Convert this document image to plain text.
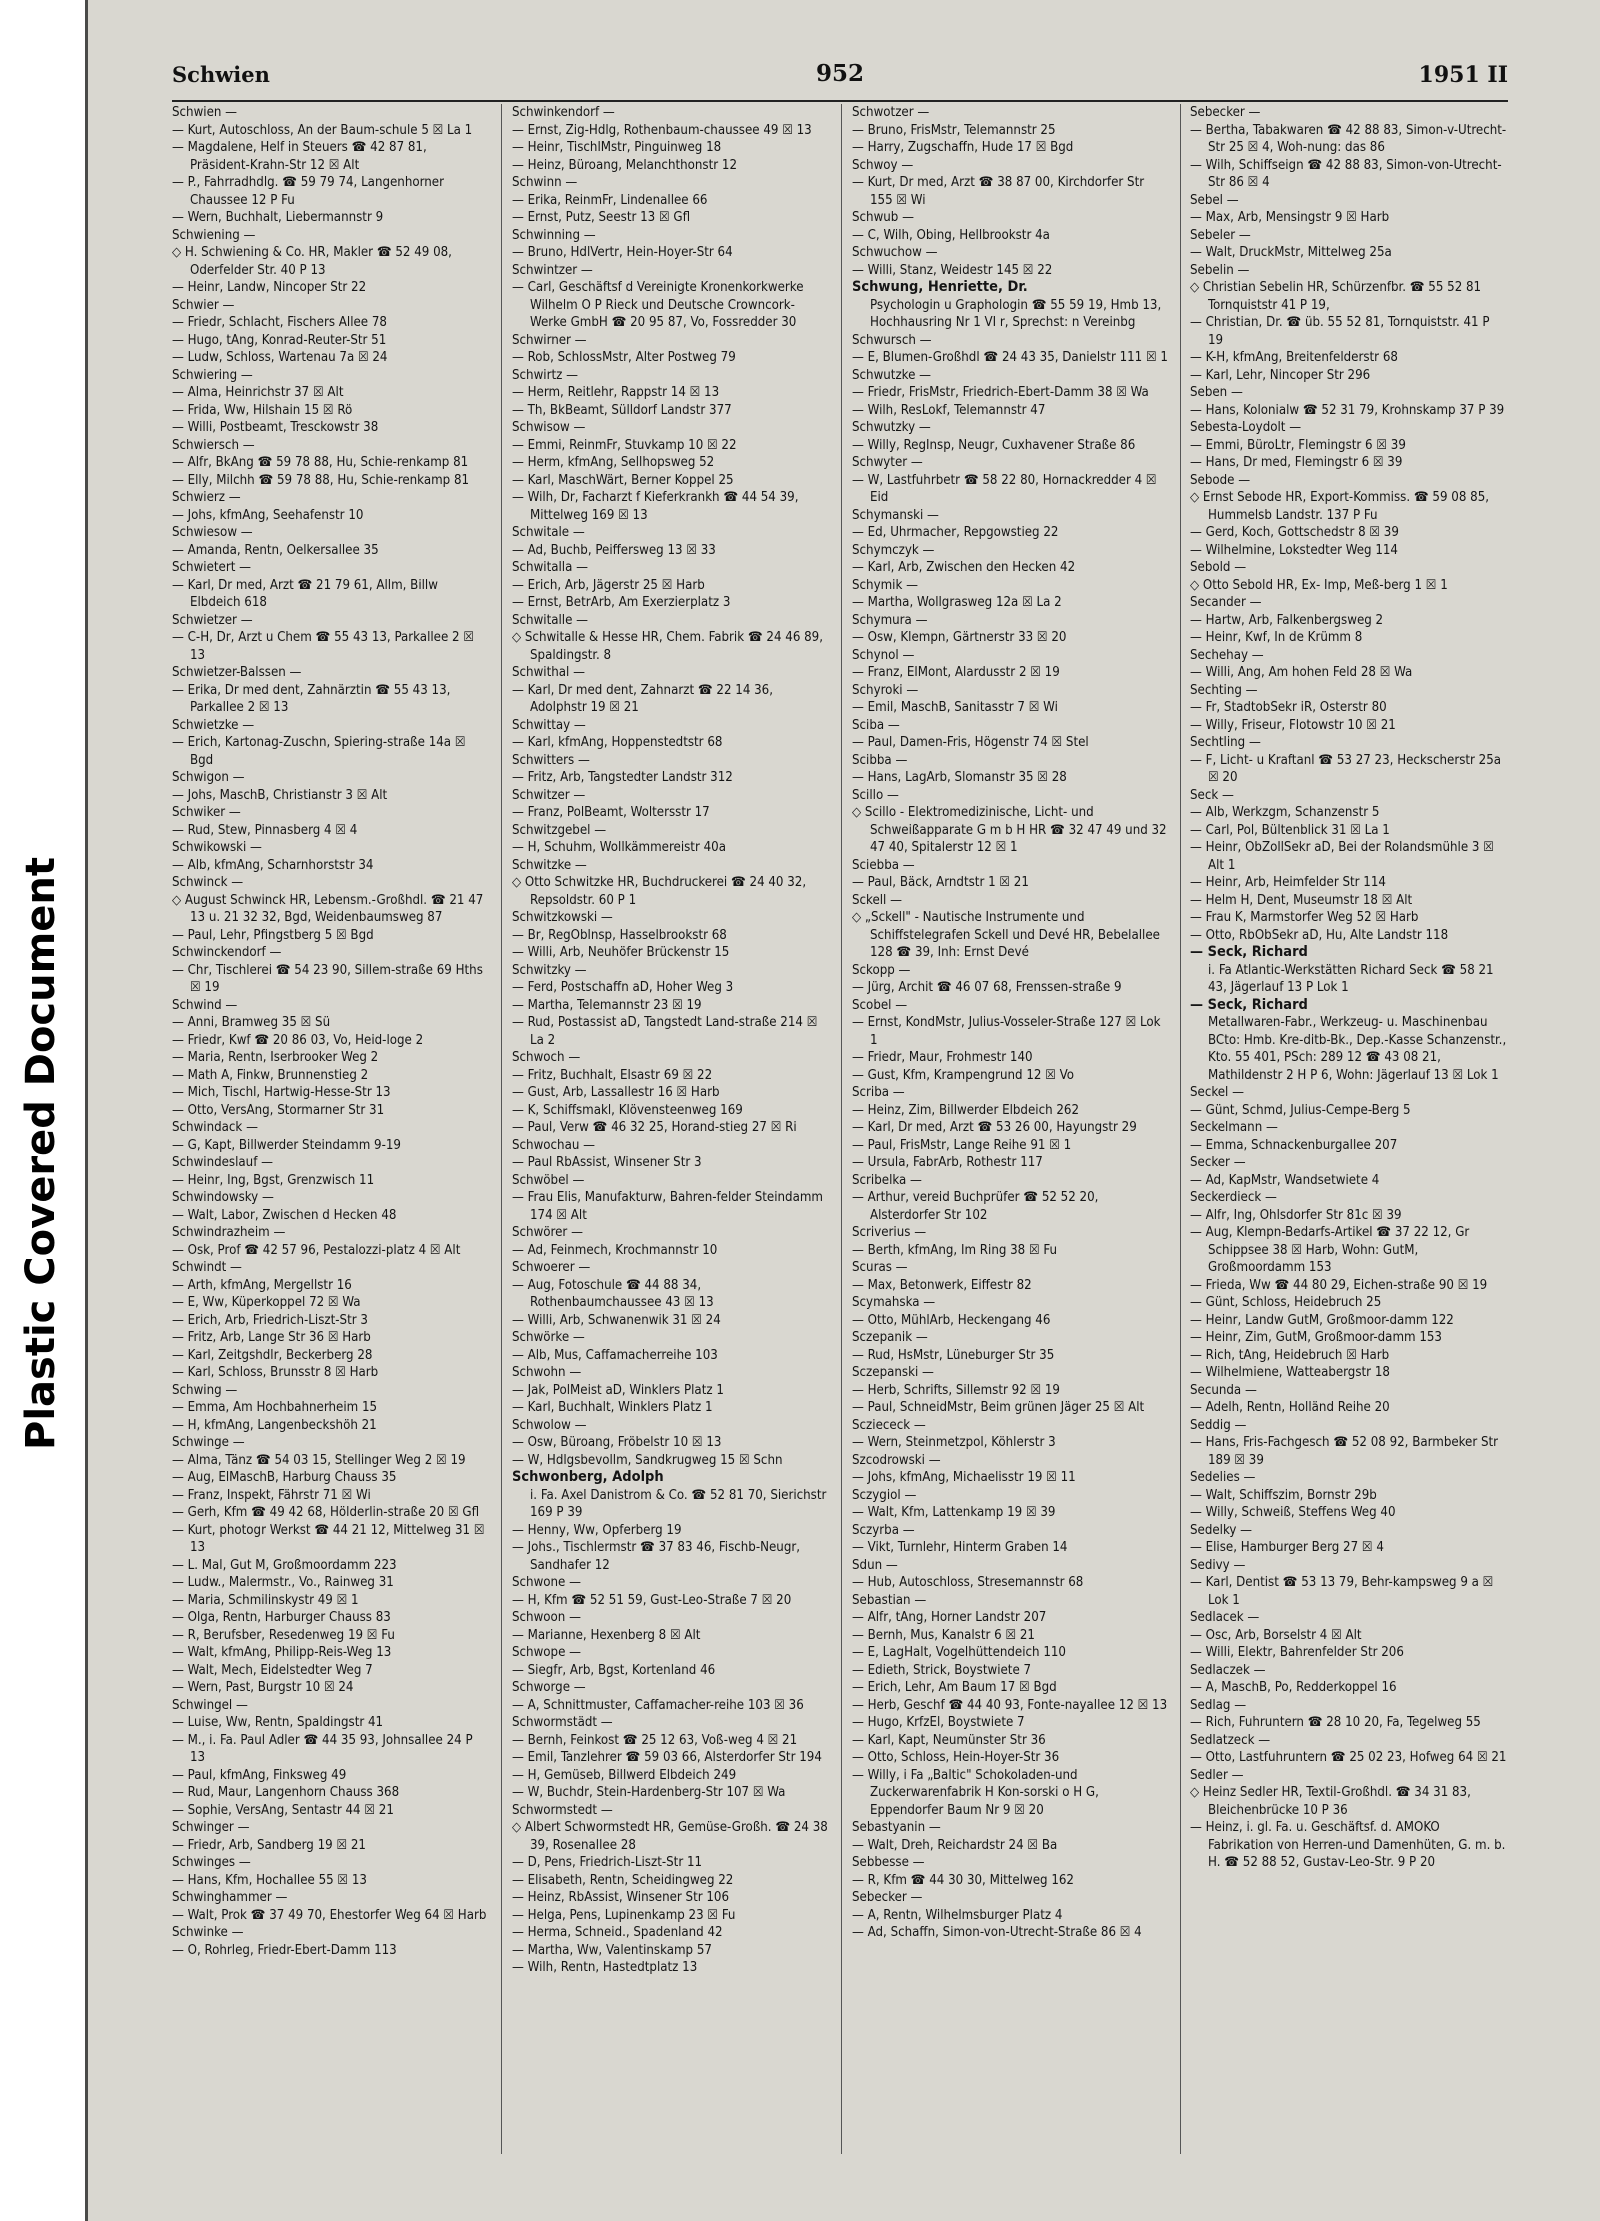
Plastic Covered Document
952
Schwien	1951 II

Schwien —

— Kurt, Autoschloss, An der Baum-schule 5 ☒ La 1

— Magdalene, Helf in Steuers ☎ 42 87 81, Präsident-Krahn-Str 12 ☒ Alt

— P., Fahrradhdlg. ☎ 59 79 74, Langenhorner Chaussee 12 P Fu

— Wern, Buchhalt, Liebermannstr 9

Schwiening —

◇ H. Schwiening & Co. HR, Makler ☎ 52 49 08, Oderfelder Str. 40 P 13

— Heinr, Landw, Nincoper Str 22

Schwier —

— Friedr, Schlacht, Fischers Allee 78

— Hugo, tAng, Konrad-Reuter-Str 51

— Ludw, Schloss, Wartenau 7a ☒ 24

Schwiering —

— Alma, Heinrichstr 37 ☒ Alt

— Frida, Ww, Hilshain 15 ☒ Rö

— Willi, Postbeamt, Tresckowstr 38

Schwiersch —

— Alfr, BkAng ☎ 59 78 88, Hu, Schie-renkamp 81

— Elly, Milchh ☎ 59 78 88, Hu, Schie-renkamp 81

Schwierz —

— Johs, kfmAng, Seehafenstr 10

Schwiesow —

— Amanda, Rentn, Oelkersallee 35

Schwietert —

— Karl, Dr med, Arzt ☎ 21 79 61, Allm, Billw Elbdeich 618

Schwietzer —

— C-H, Dr, Arzt u Chem ☎ 55 43 13, Parkallee 2 ☒ 13

Schwietzer-Balssen —

— Erika, Dr med dent, Zahnärztin ☎ 55 43 13, Parkallee 2 ☒ 13

Schwietzke —

— Erich, Kartonag-Zuschn, Spiering-straße 14a ☒ Bgd

Schwigon —

— Johs, MaschB, Christianstr 3 ☒ Alt

Schwiker —

— Rud, Stew, Pinnasberg 4 ☒ 4

Schwikowski —

— Alb, kfmAng, Scharnhorststr 34

Schwinck —

◇ August Schwinck HR, Lebensm.-Großhdl. ☎ 21 47 13 u. 21 32 32, Bgd, Weidenbaumsweg 87

— Paul, Lehr, Pfingstberg 5 ☒ Bgd

Schwinckendorf —

— Chr, Tischlerei ☎ 54 23 90, Sillem-straße 69 Hths ☒ 19

Schwind —

— Anni, Bramweg 35 ☒ Sü

— Friedr, Kwf ☎ 20 86 03, Vo, Heid-loge 2

— Maria, Rentn, Iserbrooker Weg 2

— Math A, Finkw, Brunnenstieg 2

— Mich, Tischl, Hartwig-Hesse-Str 13

— Otto, VersAng, Stormarner Str 31

Schwindack —

— G, Kapt, Billwerder Steindamm 9-19

Schwindeslauf —

— Heinr, Ing, Bgst, Grenzwisch 11

Schwindowsky —

— Walt, Labor, Zwischen d Hecken 48

Schwindrazheim —

— Osk, Prof ☎ 42 57 96, Pestalozzi-platz 4 ☒ Alt

Schwindt —

— Arth, kfmAng, Mergellstr 16

— E, Ww, Küperkoppel 72 ☒ Wa

— Erich, Arb, Friedrich-Liszt-Str 3

— Fritz, Arb, Lange Str 36 ☒ Harb

— Karl, Zeitgshdlr, Beckerberg 28

— Karl, Schloss, Brunsstr 8 ☒ Harb

Schwing —

— Emma, Am Hochbahnerheim 15

— H, kfmAng, Langenbeckshöh 21

Schwinge —

— Alma, Tänz ☎ 54 03 15, Stellinger Weg 2 ☒ 19

— Aug, ElMaschB, Harburg Chauss 35

— Franz, Inspekt, Fährstr 71 ☒ Wi

— Gerh, Kfm ☎ 49 42 68, Hölderlin-straße 20 ☒ Gfl

— Kurt, photogr Werkst ☎ 44 21 12, Mittelweg 31 ☒ 13

— L. Mal, Gut M, Großmoordamm 223

— Ludw., Malermstr., Vo., Rainweg 31

— Maria, Schmilinskystr 49 ☒ 1

— Olga, Rentn, Harburger Chauss 83

— R, Berufsber, Resedenweg 19 ☒ Fu

— Walt, kfmAng, Philipp-Reis-Weg 13

— Walt, Mech, Eidelstedter Weg 7

— Wern, Past, Burgstr 10 ☒ 24

Schwingel —

— Luise, Ww, Rentn, Spaldingstr 41

— M., i. Fa. Paul Adler ☎ 44 35 93, Johnsallee 24 P 13

— Paul, kfmAng, Finksweg 49

— Rud, Maur, Langenhorn Chauss 368

— Sophie, VersAng, Sentastr 44 ☒ 21

Schwinger —

— Friedr, Arb, Sandberg 19 ☒ 21

Schwinges —

— Hans, Kfm, Hochallee 55 ☒ 13

Schwinghammer —

— Walt, Prok ☎ 37 49 70, Ehestorfer Weg 64 ☒ Harb

Schwinke —

— O, Rohrleg, Friedr-Ebert-Damm 113

Schwinkendorf —

— Ernst, Zig-Hdlg, Rothenbaum-chaussee 49 ☒ 13

— Heinr, TischlMstr, Pinguinweg 18

— Heinz, Büroang, Melanchthonstr 12

Schwinn —

— Erika, ReinmFr, Lindenallee 66

— Ernst, Putz, Seestr 13 ☒ Gfl

Schwinning —

— Bruno, HdlVertr, Hein-Hoyer-Str 64

Schwintzer —

— Carl, Geschäftsf d Vereinigte Kronenkorkwerke Wilhelm O P Rieck und Deutsche Crowncork-Werke GmbH ☎ 20 95 87, Vo, Fossredder 30

Schwirner —

— Rob, SchlossMstr, Alter Postweg 79

Schwirtz —

— Herm, Reitlehr, Rappstr 14 ☒ 13

— Th, BkBeamt, Sülldorf Landstr 377

Schwisow —

— Emmi, ReinmFr, Stuvkamp 10 ☒ 22

— Herm, kfmAng, Sellhopsweg 52

— Karl, MaschWärt, Berner Koppel 25

— Wilh, Dr, Facharzt f Kieferkrankh ☎ 44 54 39, Mittelweg 169 ☒ 13

Schwitale —

— Ad, Buchb, Peiffersweg 13 ☒ 33

Schwitalla —

— Erich, Arb, Jägerstr 25 ☒ Harb

— Ernst, BetrArb, Am Exerzierplatz 3

Schwitalle —

◇ Schwitalle & Hesse HR, Chem. Fabrik ☎ 24 46 89, Spaldingstr. 8

Schwithal —

— Karl, Dr med dent, Zahnarzt ☎ 22 14 36, Adolphstr 19 ☒ 21

Schwittay —

— Karl, kfmAng, Hoppenstedtstr 68

Schwitters —

— Fritz, Arb, Tangstedter Landstr 312

Schwitzer —

— Franz, PolBeamt, Woltersstr 17

Schwitzgebel —

— H, Schuhm, Wollkämmereistr 40a

Schwitzke —

◇ Otto Schwitzke HR, Buchdruckerei ☎ 24 40 32, Repsoldstr. 60 P 1

Schwitzkowski —

— Br, RegOblnsp, Hasselbrookstr 68

— Willi, Arb, Neuhöfer Brückenstr 15

Schwitzky —

— Ferd, Postschaffn aD, Hoher Weg 3

— Martha, Telemannstr 23 ☒ 19

— Rud, Postassist aD, Tangstedt Land-straße 214 ☒ La 2

Schwoch —

— Fritz, Buchhalt, Elsastr 69 ☒ 22

— Gust, Arb, Lassallestr 16 ☒ Harb

— K, Schiffsmakl, Klövensteenweg 169

— Paul, Verw ☎ 46 32 25, Horand-stieg 27 ☒ Ri

Schwochau —

— Paul RbAssist, Winsener Str 3

Schwöbel —

— Frau Elis, Manufakturw, Bahren-felder Steindamm 174 ☒ Alt

Schwörer —

— Ad, Feinmech, Krochmannstr 10

Schwoerer —

— Aug, Fotoschule ☎ 44 88 34, Rothenbaumchaussee 43 ☒ 13

— Willi, Arb, Schwanenwik 31 ☒ 24

Schwörke —

— Alb, Mus, Caffamacherreihe 103

Schwohn —

— Jak, PolMeist aD, Winklers Platz 1

— Karl, Buchhalt, Winklers Platz 1

Schwolow —

— Osw, Büroang, Fröbelstr 10 ☒ 13

— W, Hdlgsbevollm, Sandkrugweg 15 ☒ Schn

Schwonberg, Adolph

i. Fa. Axel Danistrom & Co. ☎ 52 81 70, Sierichstr 169 P 39

— Henny, Ww, Opferberg 19

— Johs., Tischlermstr ☎ 37 83 46, Fischb-Neugr, Sandhafer 12

Schwone —

— H, Kfm ☎ 52 51 59, Gust-Leo-Straße 7 ☒ 20

Schwoon —

— Marianne, Hexenberg 8 ☒ Alt

Schwope —

— Siegfr, Arb, Bgst, Kortenland 46

Schworge —

— A, Schnittmuster, Caffamacher-reihe 103 ☒ 36

Schwormstädt —

— Bernh, Feinkost ☎ 25 12 63, Voß-weg 4 ☒ 21

— Emil, Tanzlehrer ☎ 59 03 66, Alsterdorfer Str 194

— H, Gemüseb, Billwerd Elbdeich 249

— W, Buchdr, Stein-Hardenberg-Str 107 ☒ Wa

Schwormstedt —

◇ Albert Schwormstedt HR, Gemüse-Großh. ☎ 24 38 39, Rosenallee 28

— D, Pens, Friedrich-Liszt-Str 11

— Elisabeth, Rentn, Scheidingweg 22

— Heinz, RbAssist, Winsener Str 106

— Helga, Pens, Lupinenkamp 23 ☒ Fu

— Herma, Schneid., Spadenland 42

— Martha, Ww, Valentinskamp 57

— Wilh, Rentn, Hastedtplatz 13

Schwotzer —

— Bruno, FrisMstr, Telemannstr 25

— Harry, Zugschaffn, Hude 17 ☒ Bgd

Schwoy —

— Kurt, Dr med, Arzt ☎ 38 87 00, Kirchdorfer Str 155 ☒ Wi

Schwub —

— C, Wilh, Obing, Hellbrookstr 4a

Schwuchow —

— Willi, Stanz, Weidestr 145 ☒ 22

Schwung, Henriette, Dr.

Psychologin u Graphologin ☎ 55 59 19, Hmb 13, Hochhausring Nr 1 VI r, Sprechst: n Vereinbg

Schwursch —

— E, Blumen-Großhdl ☎ 24 43 35, Danielstr 111 ☒ 1

Schwutzke —

— Friedr, FrisMstr, Friedrich-Ebert-Damm 38 ☒ Wa

— Wilh, ResLokf, Telemannstr 47

Schwutzky —

— Willy, RegInsp, Neugr, Cuxhavener Straße 86

Schwyter —

— W, Lastfuhrbetr ☎ 58 22 80, Hornackredder 4 ☒ Eid

Schymanski —

— Ed, Uhrmacher, Repgowstieg 22

Schymczyk —

— Karl, Arb, Zwischen den Hecken 42

Schymik —

— Martha, Wollgrasweg 12a ☒ La 2

Schymura —

— Osw, Klempn, Gärtnerstr 33 ☒ 20

Schynol —

— Franz, ElMont, Alardusstr 2 ☒ 19

Schyroki —

— Emil, MaschB, Sanitasstr 7 ☒ Wi

Sciba —

— Paul, Damen-Fris, Högenstr 74 ☒ Stel

Scibba —

— Hans, LagArb, Slomanstr 35 ☒ 28

Scillo —

◇ Scillo - Elektromedizinische, Licht- und Schweißapparate G m b H HR ☎ 32 47 49 und 32 47 40, Spitalerstr 12 ☒ 1

Sciebba —

— Paul, Bäck, Arndtstr 1 ☒ 21

Sckell —

◇ „Sckell" - Nautische Instrumente und Schiffstelegrafen Sckell und Devé HR, Bebelallee 128 ☎ 39, Inh: Ernst Devé

Sckopp —

— Jürg, Archit ☎ 46 07 68, Frenssen-straße 9

Scobel —

— Ernst, KondMstr, Julius-Vosseler-Straße 127 ☒ Lok 1

— Friedr, Maur, Frohmestr 140

— Gust, Kfm, Krampengrund 12 ☒ Vo

Scriba —

— Heinz, Zim, Billwerder Elbdeich 262

— Karl, Dr med, Arzt ☎ 53 26 00, Hayungstr 29

— Paul, FrisMstr, Lange Reihe 91 ☒ 1

— Ursula, FabrArb, Rothestr 117

Scribelka —

— Arthur, vereid Buchprüfer ☎ 52 52 20, Alsterdorfer Str 102

Scriverius —

— Berth, kfmAng, Im Ring 38 ☒ Fu

Scuras —

— Max, Betonwerk, Eiffestr 82

Scymahska —

— Otto, MühlArb, Heckengang 46

Sczepanik —

— Rud, HsMstr, Lüneburger Str 35

Sczepanski —

— Herb, Schrifts, Sillemstr 92 ☒ 19

— Paul, SchneidMstr, Beim grünen Jäger 25 ☒ Alt

Scziececk —

— Wern, Steinmetzpol, Köhlerstr 3

Szcodrowski —

— Johs, kfmAng, Michaelisstr 19 ☒ 11

Sczygiol —

— Walt, Kfm, Lattenkamp 19 ☒ 39

Sczyrba —

— Vikt, Turnlehr, Hinterm Graben 14

Sdun —

— Hub, Autoschloss, Stresemannstr 68

Sebastian —

— Alfr, tAng, Horner Landstr 207

— Bernh, Mus, Kanalstr 6 ☒ 21

— E, LagHalt, Vogelhüttendeich 110

— Edieth, Strick, Boystwiete 7

— Erich, Lehr, Am Baum 17 ☒ Bgd

— Herb, Geschf ☎ 44 40 93, Fonte-nayallee 12 ☒ 13

— Hugo, KrfzEl, Boystwiete 7

— Karl, Kapt, Neumünster Str 36

— Otto, Schloss, Hein-Hoyer-Str 36

— Willy, i Fa „Baltic" Schokoladen-und Zuckerwarenfabrik H Kon-sorski o H G, Eppendorfer Baum Nr 9 ☒ 20

Sebastyanin —

— Walt, Dreh, Reichardstr 24 ☒ Ba

Sebbesse —

— R, Kfm ☎ 44 30 30, Mittelweg 162

Sebecker —

— A, Rentn, Wilhelmsburger Platz 4

— Ad, Schaffn, Simon-von-Utrecht-Straße 86 ☒ 4

Sebecker —

— Bertha, Tabakwaren ☎ 42 88 83, Simon-v-Utrecht-Str 25 ☒ 4, Woh-nung: das 86

— Wilh, Schiffseign ☎ 42 88 83, Simon-von-Utrecht-Str 86 ☒ 4

Sebel —

— Max, Arb, Mensingstr 9 ☒ Harb

Sebeler —

— Walt, DruckMstr, Mittelweg 25a

Sebelin —

◇ Christian Sebelin HR, Schürzenfbr. ☎ 55 52 81 Tornquiststr 41 P 19,

— Christian, Dr. ☎ üb. 55 52 81, Tornquiststr. 41 P 19

— K-H, kfmAng, Breitenfelderstr 68

— Karl, Lehr, Nincoper Str 296

Seben —

— Hans, Kolonialw ☎ 52 31 79, Krohnskamp 37 P 39

Sebesta-Loydolt —

— Emmi, BüroLtr, Flemingstr 6 ☒ 39

— Hans, Dr med, Flemingstr 6 ☒ 39

Sebode —

◇ Ernst Sebode HR, Export-Kommiss. ☎ 59 08 85, Hummelsb Landstr. 137 P Fu

— Gerd, Koch, Gottschedstr 8 ☒ 39

— Wilhelmine, Lokstedter Weg 114

Sebold —

◇ Otto Sebold HR, Ex- Imp, Meß-berg 1 ☒ 1

Secander —

— Hartw, Arb, Falkenbergsweg 2

— Heinr, Kwf, In de Krümm 8

Sechehay —

— Willi, Ang, Am hohen Feld 28 ☒ Wa

Sechting —

— Fr, StadtobSekr iR, Osterstr 80

— Willy, Friseur, Flotowstr 10 ☒ 21

Sechtling —

— F, Licht- u Kraftanl ☎ 53 27 23, Heckscherstr 25a ☒ 20

Seck —

— Alb, Werkzgm, Schanzenstr 5

— Carl, Pol, Bültenblick 31 ☒ La 1

— Heinr, ObZollSekr aD, Bei der Rolandsmühle 3 ☒ Alt 1

— Heinr, Arb, Heimfelder Str 114

— Helm H, Dent, Museumstr 18 ☒ Alt

— Frau K, Marmstorfer Weg 52 ☒ Harb

— Otto, RbObSekr aD, Hu, Alte Landstr 118

— Seck, Richard

i. Fa Atlantic-Werkstätten Richard Seck ☎ 58 21 43, Jägerlauf 13 P Lok 1

— Seck, Richard

Metallwaren-Fabr., Werkzeug- u. Maschinenbau BCto: Hmb. Kre-ditb-Bk., Dep.-Kasse Schanzenstr., Kto. 55 401, PSch: 289 12 ☎ 43 08 21, Mathildenstr 2 H P 6, Wohn: Jägerlauf 13 ☒ Lok 1

Seckel —

— Günt, Schmd, Julius-Cempe-Berg 5

Seckelmann —

— Emma, Schnackenburgallee 207

Secker —

— Ad, KapMstr, Wandsetwiete 4

Seckerdieck —

— Alfr, Ing, Ohlsdorfer Str 81c ☒ 39

— Aug, Klempn-Bedarfs-Artikel ☎ 37 22 12, Gr Schippsee 38 ☒ Harb, Wohn: GutM, Großmoordamm 153

— Frieda, Ww ☎ 44 80 29, Eichen-straße 90 ☒ 19

— Günt, Schloss, Heidebruch 25

— Heinr, Landw GutM, Großmoor-damm 122

— Heinr, Zim, GutM, Großmoor-damm 153

— Rich, tAng, Heidebruch ☒ Harb

— Wilhelmiene, Watteabergstr 18

Secunda —

— Adelh, Rentn, Holländ Reihe 20

Seddig —

— Hans, Fris-Fachgesch ☎ 52 08 92, Barmbeker Str 189 ☒ 39

Sedelies —

— Walt, Schiffszim, Bornstr 29b

— Willy, Schweiß, Steffens Weg 40

Sedelky —

— Elise, Hamburger Berg 27 ☒ 4

Sedivy —

— Karl, Dentist ☎ 53 13 79, Behr-kampsweg 9 a ☒ Lok 1

Sedlacek —

— Osc, Arb, Borselstr 4 ☒ Alt

— Willi, Elektr, Bahrenfelder Str 206

Sedlaczek —

— A, MaschB, Po, Redderkoppel 16

Sedlag —

— Rich, Fuhruntern ☎ 28 10 20, Fa, Tegelweg 55

Sedlatzeck —

— Otto, Lastfuhruntern ☎ 25 02 23, Hofweg 64 ☒ 21

Sedler —

◇ Heinz Sedler HR, Textil-Großhdl. ☎ 34 31 83, Bleichenbrücke 10 P 36

— Heinz, i. gl. Fa. u. Geschäftsf. d. AMOKO Fabrikation von Herren-und Damenhüten, G. m. b. H. ☎ 52 88 52, Gustav-Leo-Str. 9 P 20
